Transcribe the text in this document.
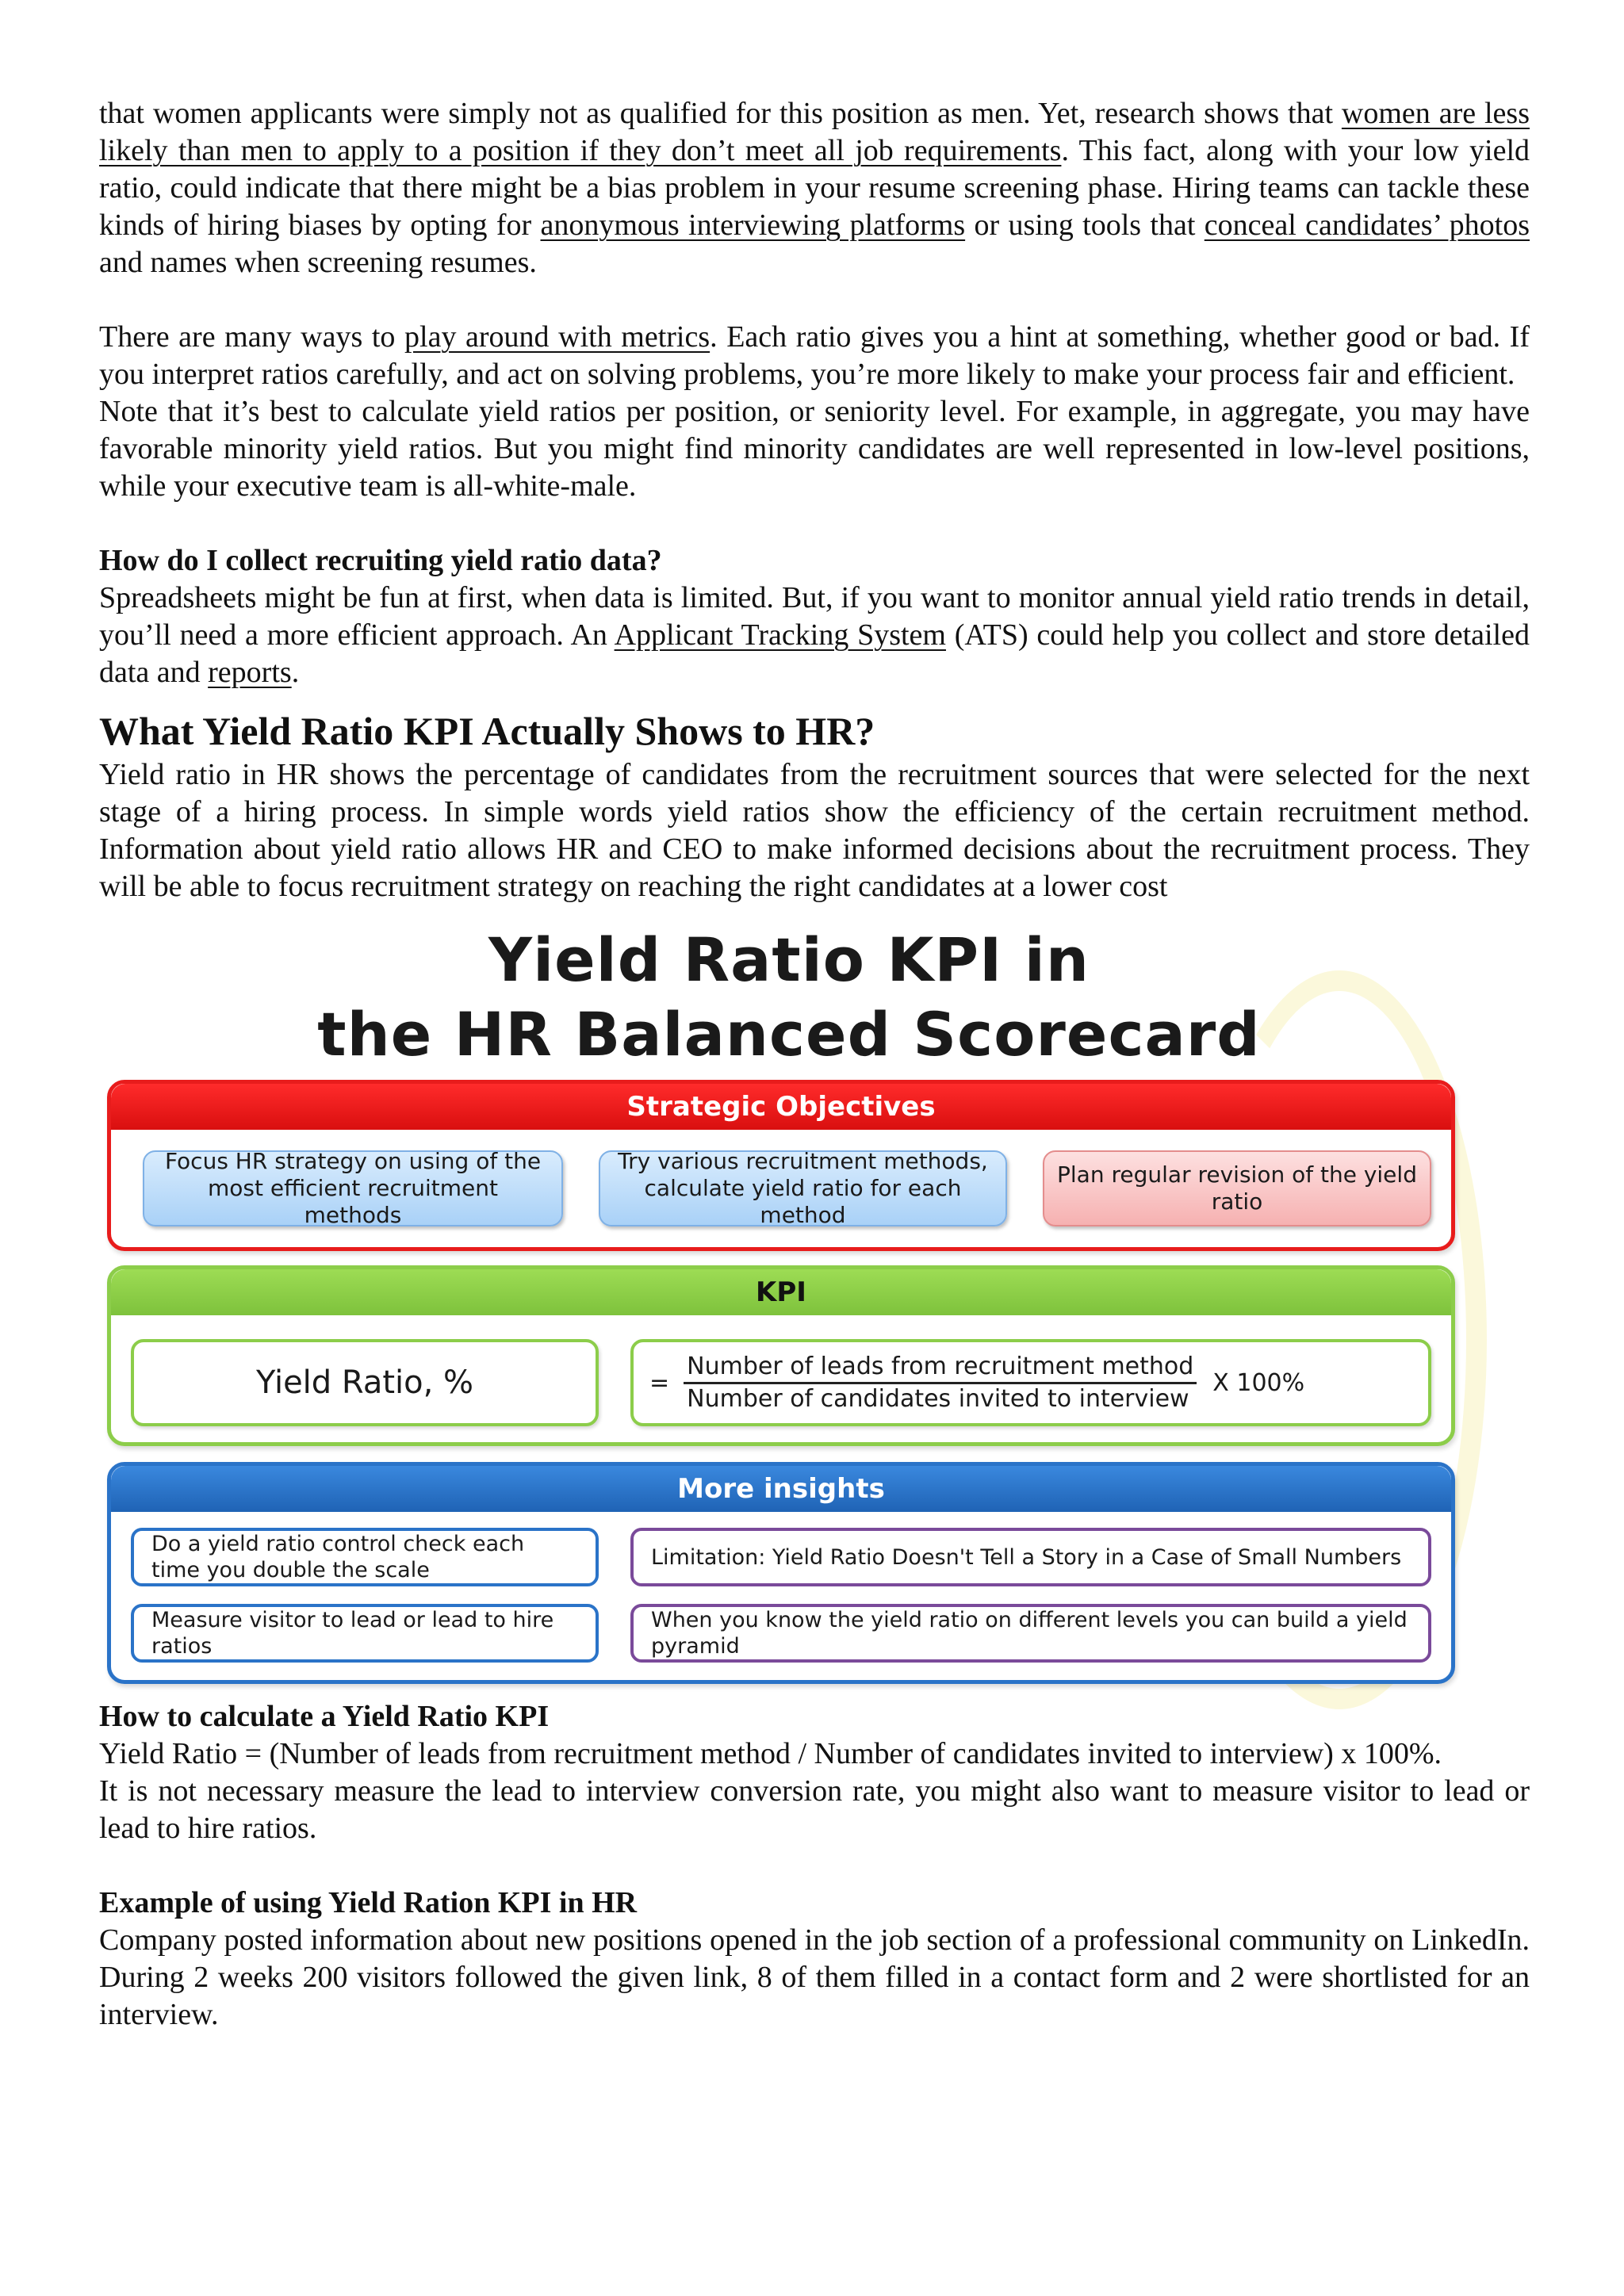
that women applicants were simply not as qualified for this position as men. Yet, research shows that women are less likely than men to apply to a position if they don’t meet all job requirements. This fact, along with your low yield ratio, could indicate that there might be a bias problem in your resume screening phase. Hiring teams can tackle these kinds of hiring biases by opting for anonymous interviewing platforms or using tools that conceal candidates’ photos and names when screening resumes.

There are many ways to play around with metrics. Each ratio gives you a hint at something, whether good or bad. If you interpret ratios carefully, and act on solving problems, you’re more likely to make your process fair and efficient.

Note that it’s best to calculate yield ratios per position, or seniority level. For example, in aggregate, you may have favorable minority yield ratios. But you might find minority candidates are well represented in low-level positions, while your executive team is all-white-male.

How do I collect recruiting yield ratio data?

Spreadsheets might be fun at first, when data is limited. But, if you want to monitor annual yield ratio trends in detail, you’ll need a more efficient approach. An Applicant Tracking System (ATS) could help you collect and store detailed data and reports.

What Yield Ratio KPI Actually Shows to HR?

Yield ratio in HR shows the percentage of candidates from the recruitment sources that were selected for the next stage of a hiring process. In simple words yield ratios show the efficiency of the certain recruitment method. Information about yield ratio allows HR and CEO to make informed decisions about the recruitment process. They will be able to focus recruitment strategy on reaching the right candidates at a lower cost

Yield Ratio KPI in
the HR Balanced Scorecard
Strategic Objectives
Focus HR strategy on using of the most efficient recruitment methods
Try various recruitment methods, calculate yield ratio for each method
Plan regular revision of the yield ratio
KPI
Yield Ratio, %	= $\frac{\text{Number of leads from recruitment method}}{\text{Number of candidates invited to interview}}$ X 100%
More insights
Do a yield ratio control check each time you double the scale
Limitation: Yield Ratio Doesn't Tell a Story in a Case of Small Numbers
Measure visitor to lead or lead to hire ratios
When you know the yield ratio on different levels you can build a yield pyramid

How to calculate a Yield Ratio KPI

Yield Ratio = (Number of leads from recruitment method / Number of candidates invited to interview) x 100%.

It is not necessary measure the lead to interview conversion rate, you might also want to measure visitor to lead or lead to hire ratios.

Example of using Yield Ration KPI in HR

Company posted information about new positions opened in the job section of a professional community on LinkedIn. During 2 weeks 200 visitors followed the given link, 8 of them filled in a contact form and 2 were shortlisted for an interview.
